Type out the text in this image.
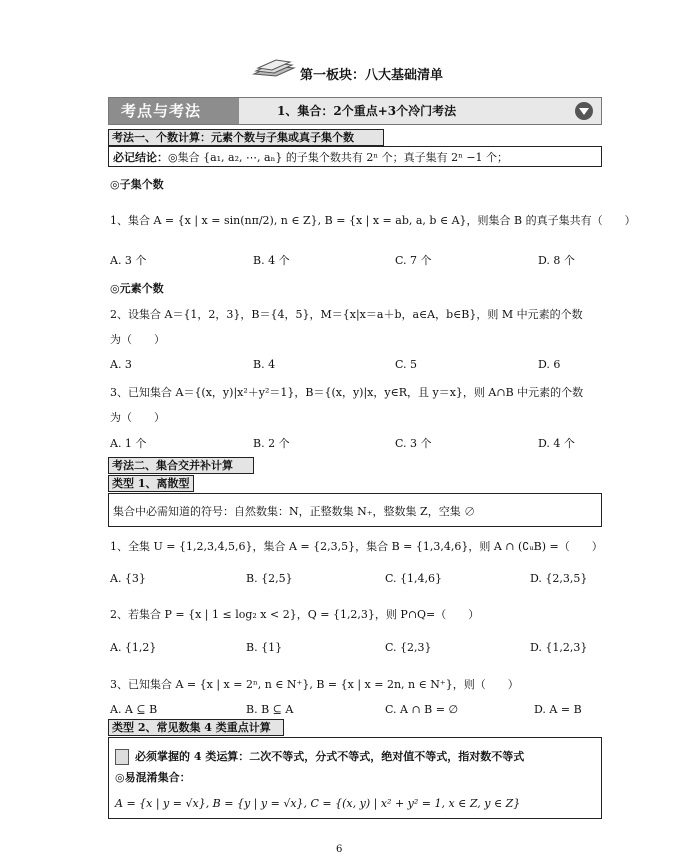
第一板块：八大基础清单
考点与考法	1、集合：2个重点+3个冷门考法
考法一、个数计算：元素个数与子集或真子集个数
必记结论：◎集合 {a₁, a₂, ⋯, aₙ} 的子集个数共有 2ⁿ 个；真子集有 2ⁿ −1 个；
◎子集个数
1、集合 A = {x | x = sin(nπ/2), n ∈ Z}, B = {x | x = ab, a, b ∈ A}，则集合 B 的真子集共有（　　）
A. 3 个	B. 4 个	C. 7 个	D. 8 个
◎元素个数
2、设集合 A＝{1，2，3}，B＝{4，5}，M＝{x|x＝a＋b，a∈A，b∈B}，则 M 中元素的个数
为（　　）
A. 3	B. 4	C. 5	D. 6
3、已知集合 A＝{(x，y)|x²＋y²＝1}，B＝{(x，y)|x，y∈R，且 y＝x}，则 A∩B 中元素的个数
为（　　）
A. 1 个	B. 2 个	C. 3 个	D. 4 个
考法二、集合交并补计算
类型 1、离散型
集合中必需知道的符号：自然数集：N，正整数集 N₊，整数集 Z，空集 ∅
1、全集 U = {1,2,3,4,5,6}，集合 A = {2,3,5}，集合 B = {1,3,4,6}，则 A ∩ (∁ᵤB) =（　　）
A. {3}	B. {2,5}	C. {1,4,6}	D. {2,3,5}
2、若集合 P = {x | 1 ≤ log₂ x < 2}，Q = {1,2,3}，则 P∩Q=（　　）
A. {1,2}	B. {1}	C. {2,3}	D. {1,2,3}
3、已知集合 A = {x | x = 2ⁿ, n ∈ N⁺}, B = {x | x = 2n, n ∈ N⁺}，则（　　）
A. A ⊆ B	B. B ⊆ A	C. A ∩ B = ∅	D. A = B
类型 2、常见数集 4 类重点计算
必须掌握的 4 类运算：二次不等式，分式不等式，绝对值不等式，指对数不等式
◎易混淆集合：
A = {x | y = √x}, B = {y | y = √x}, C = {(x, y) | x² + y² = 1, x ∈ Z, y ∈ Z}
6
